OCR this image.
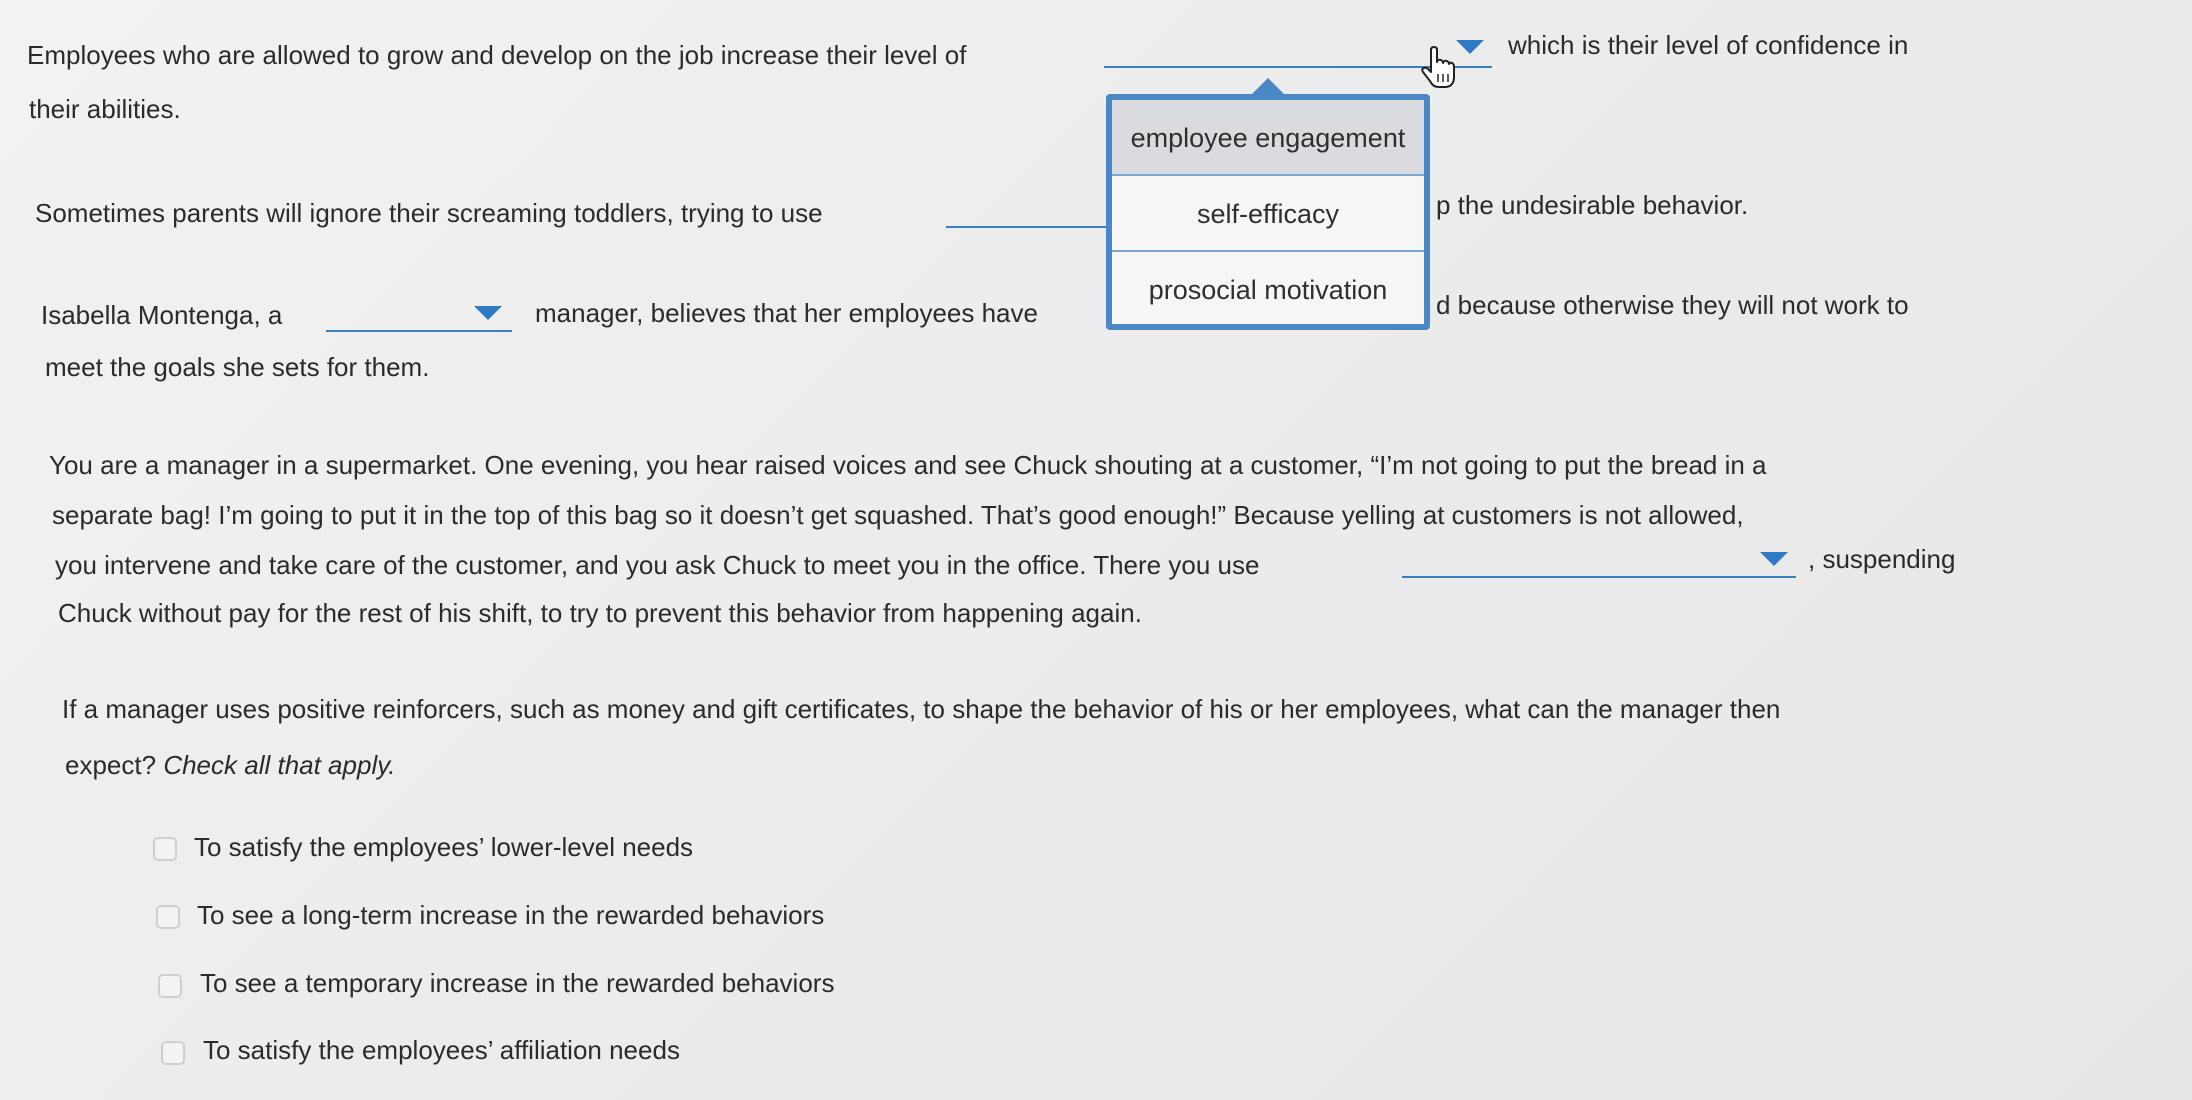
Employees who are allowed to grow and develop on the job increase their level of	which is their level of confidence in
their abilities.
Sometimes parents will ignore their screaming toddlers, trying to use	p the undesirable behavior.
Isabella Montenga, a	manager, believes that her employees have	d because otherwise they will not work to
meet the goals she sets for them.
You are a manager in a supermarket. One evening, you hear raised voices and see Chuck shouting at a customer, “I’m not going to put the bread in a
separate bag! I’m going to put it in the top of this bag so it doesn’t get squashed. That’s good enough!” Because yelling at customers is not allowed,
you intervene and take care of the customer, and you ask Chuck to meet you in the office. There you use	, suspending
Chuck without pay for the rest of his shift, to try to prevent this behavior from happening again.
If a manager uses positive reinforcers, such as money and gift certificates, to shape the behavior of his or her employees, what can the manager then
expect? Check all that apply.
To satisfy the employees’ lower-level needs
To see a long-term increase in the rewarded behaviors
To see a temporary increase in the rewarded behaviors
To satisfy the employees’ affiliation needs
employee engagement
self-efficacy
prosocial motivation
